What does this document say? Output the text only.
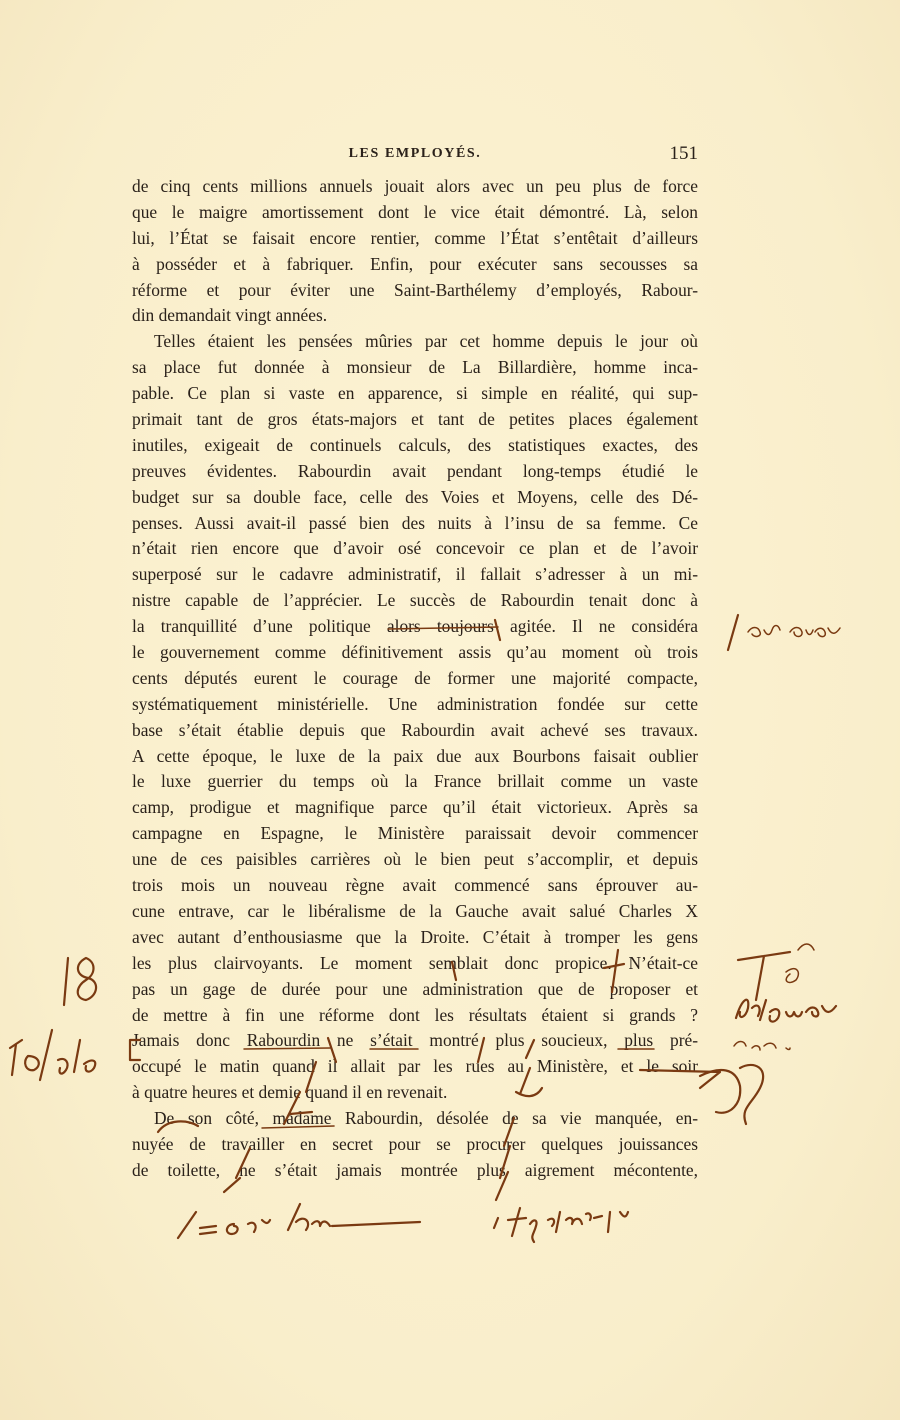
LES EMPLOYÉS.	151

de cinq cents millions annuels jouait alors avec un peu plus de force
que le maigre amortissement dont le vice était démontré. Là, selon
lui, l’État se faisait encore rentier, comme l’État s’entêtait d’ailleurs
à posséder et à fabriquer. Enfin, pour exécuter sans secousses sa
réforme et pour éviter une Saint-Barthélemy d’employés, Rabour-
din demandait vingt années.

Telles étaient les pensées mûries par cet homme depuis le jour où
sa place fut donnée à monsieur de La Billardière, homme inca-
pable. Ce plan si vaste en apparence, si simple en réalité, qui sup-
primait tant de gros états-majors et tant de petites places également
inutiles, exigeait de continuels calculs, des statistiques exactes, des
preuves évidentes. Rabourdin avait pendant long-temps étudié le
budget sur sa double face, celle des Voies et Moyens, celle des Dé-
penses. Aussi avait-il passé bien des nuits à l’insu de sa femme. Ce
n’était rien encore que d’avoir osé concevoir ce plan et de l’avoir
superposé sur le cadavre administratif, il fallait s’adresser à un mi-
nistre capable de l’apprécier. Le succès de Rabourdin tenait donc à
la tranquillité d’une politique alors toujours agitée. Il ne considéra
le gouvernement comme définitivement assis qu’au moment où trois
cents députés eurent le courage de former une majorité compacte,
systématiquement ministérielle. Une administration fondée sur cette
base s’était établie depuis que Rabourdin avait achevé ses travaux.
A cette époque, le luxe de la paix due aux Bourbons faisait oublier
le luxe guerrier du temps où la France brillait comme un vaste
camp, prodigue et magnifique parce qu’il était victorieux. Après sa
campagne en Espagne, le Ministère paraissait devoir commencer
une de ces paisibles carrières où le bien peut s’accomplir, et depuis
trois mois un nouveau règne avait commencé sans éprouver au-
cune entrave, car le libéralisme de la Gauche avait salué Charles X
avec autant d’enthousiasme que la Droite. C’était à tromper les gens
les plus clairvoyants. Le moment semblait donc propice. N’était-ce
pas un gage de durée pour une administration que de proposer et
de mettre à fin une réforme dont les résultats étaient si grands ?
Jamais donc Rabourdin ne s’était montré plus soucieux, plus pré-
occupé le matin quand il allait par les rues au Ministère, et le soir
à quatre heures et demie quand il en revenait.

De son côté, madame Rabourdin, désolée de sa vie manquée, en-
nuyée de travailler en secret pour se procurer quelques jouissances
de toilette, ne s’était jamais montrée plus aigrement mécontente,
